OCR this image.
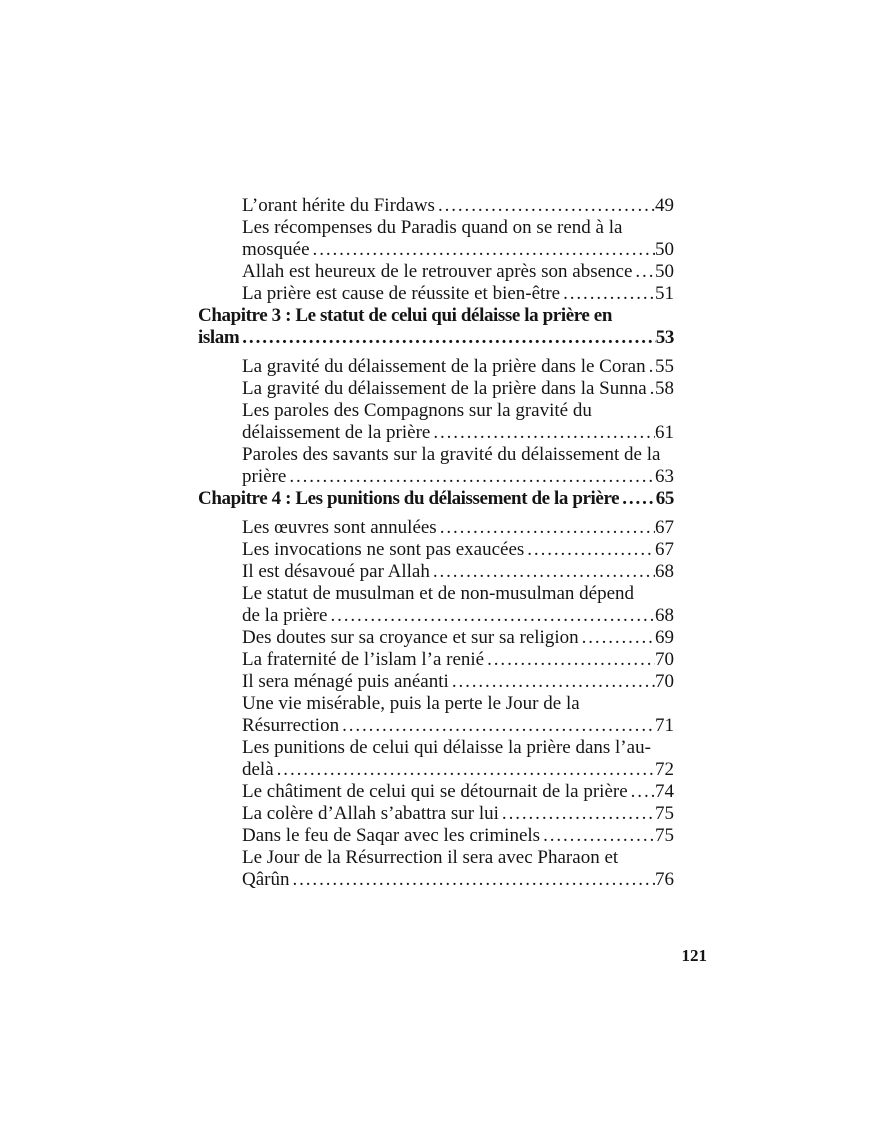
L’orant hérite du Firdaws .....	49
Les récompenses du Paradis quand on se rend à la
mosquée .....	50
Allah est heureux de le retrouver après son absence ..... 50
La prière est cause de réussite et bien-être .....	51
Chapitre 3 : Le statut de celui qui délaisse la prière en
islam .....	53
La gravité du délaissement de la prière dans le Coran ..... 55
La gravité du délaissement de la prière dans la Sunna ..... 58
Les paroles des Compagnons sur la gravité du
délaissement de la prière .....	61
Paroles des savants sur la gravité du délaissement de la
prière .....	63
Chapitre 4 : Les punitions du délaissement de la prière ..... 65
Les œuvres sont annulées .....	67
Les invocations ne sont pas exaucées .....	67
Il est désavoué par Allah .....	68
Le statut de musulman et de non-musulman dépend
de la prière .....	68
Des doutes sur sa croyance et sur sa religion .....	69
La fraternité de l’islam l’a renié .....	70
Il sera ménagé puis anéanti .....	70
Une vie misérable, puis la perte le Jour de la
Résurrection .....	71
Les punitions de celui qui délaisse la prière dans l’au-
delà .....	72
Le châtiment de celui qui se détournait de la prière ..... 74
La colère d’Allah s’abattra sur lui .....	75
Dans le feu de Saqar avec les criminels .....	75
Le Jour de la Résurrection il sera avec Pharaon et
Qârûn .....	76
121
